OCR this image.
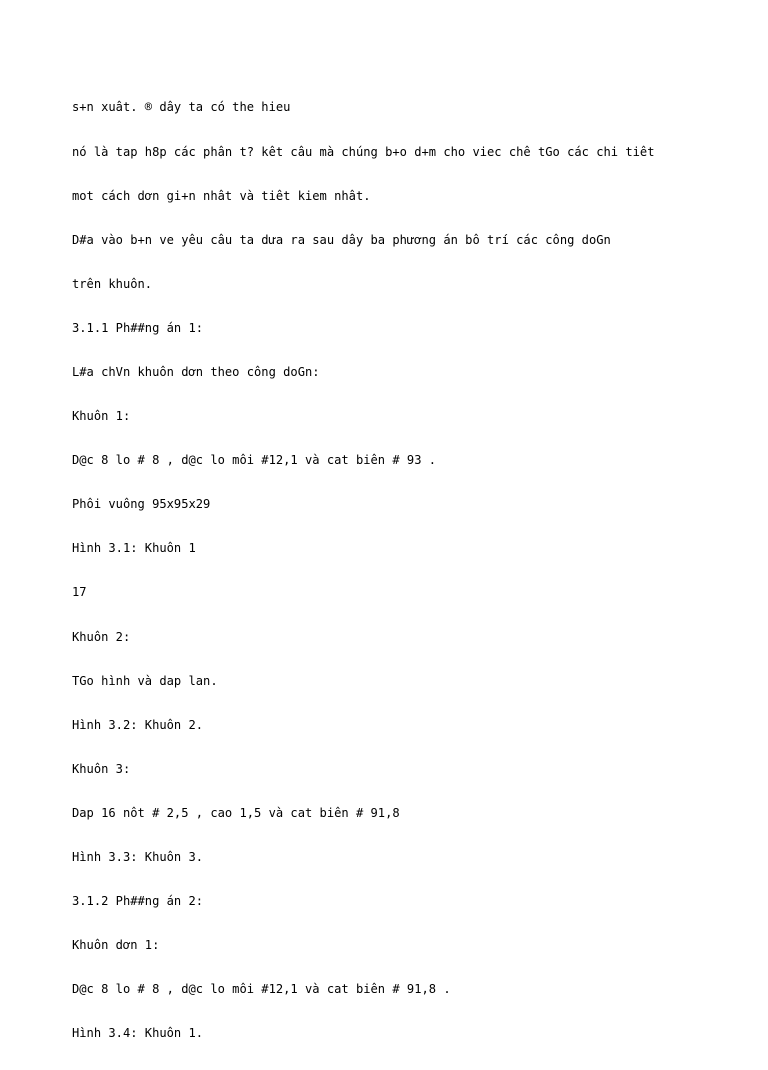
s+n xuât. ® dây ta có the hieu

nó là tap h8p các phân t? kêt câu mà chúng b+o d+m cho viec chê tGo các chi tiêt

mot cách dơn gi+n nhât và tiêt kiem nhât.

D#a vào b+n ve yêu câu ta dưa ra sau dây ba phương án bô trí các công doGn

trên khuôn.

3.1.1 Ph##ng án 1:

L#a chVn khuôn dơn theo công doGn:

Khuôn 1:

D@c 8 lo # 8 , d@c lo môi #12,1 và cat biên # 93 .

Phôi vuông 95x95x29

Hình 3.1: Khuôn 1

17

Khuôn 2:

TGo hình và dap lan.

Hình 3.2: Khuôn 2.

Khuôn 3:

Dap 16 nôt # 2,5 , cao 1,5 và cat biên # 91,8

Hình 3.3: Khuôn 3.

3.1.2 Ph##ng án 2:

Khuôn dơn 1:

D@c 8 lo # 8 , d@c lo môi #12,1 và cat biên # 91,8 .

Hình 3.4: Khuôn 1.
